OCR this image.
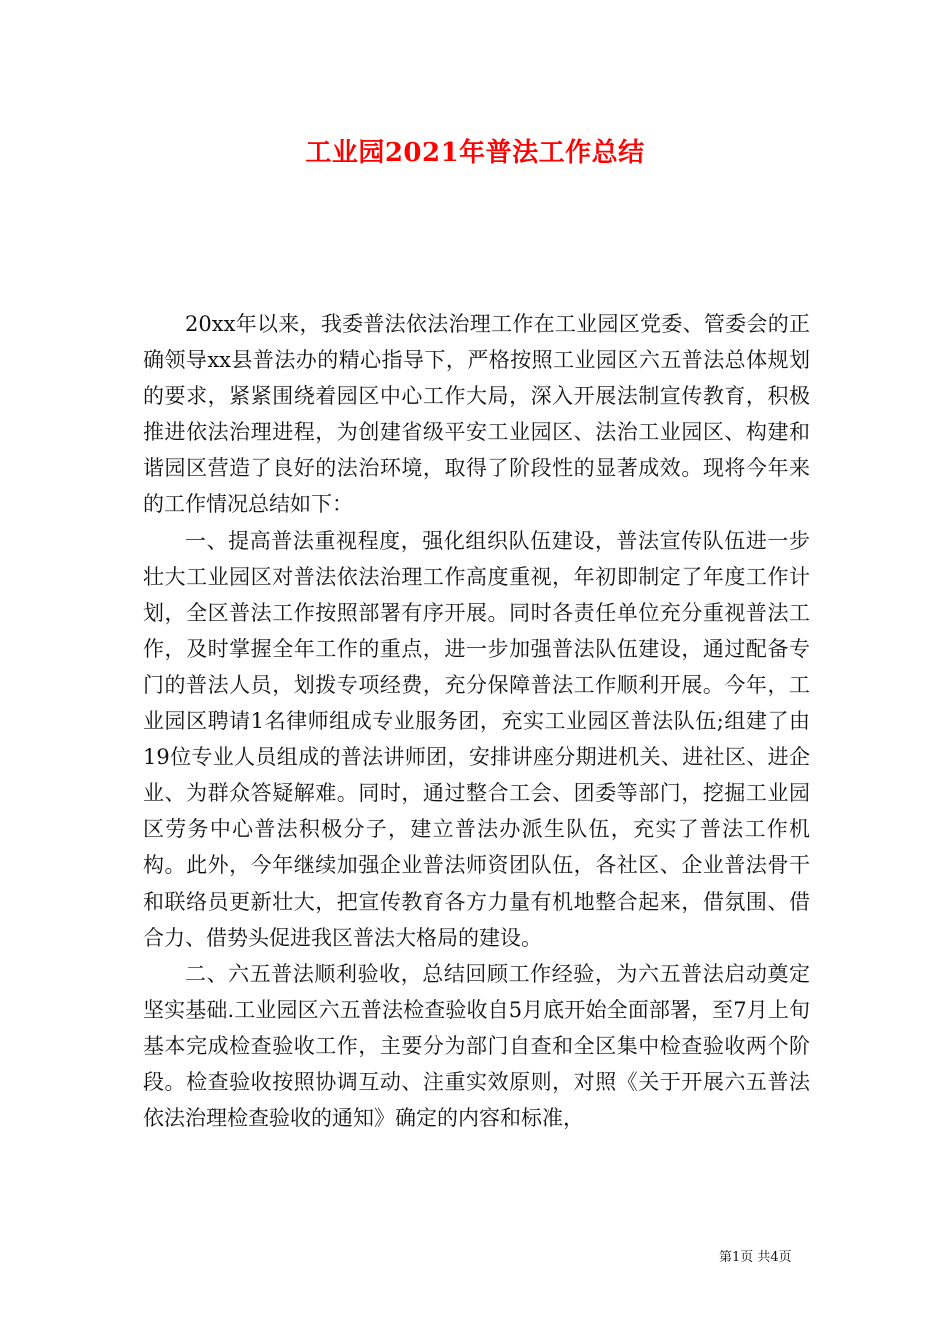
工业园2021年普法工作总结

20xx年以来，我委普法依法治理工作在工业园区党委、管委会的正确领导xx县普法办的精心指导下，严格按照工业园区六五普法总体规划的要求，紧紧围绕着园区中心工作大局，深入开展法制宣传教育，积极推进依法治理进程，为创建省级平安工业园区、法治工业园区、构建和谐园区营造了良好的法治环境，取得了阶段性的显著成效。现将今年来的工作情况总结如下：

一、提高普法重视程度，强化组织队伍建设，普法宣传队伍进一步壮大工业园区对普法依法治理工作高度重视，年初即制定了年度工作计划，全区普法工作按照部署有序开展。同时各责任单位充分重视普法工作，及时掌握全年工作的重点，进一步加强普法队伍建设，通过配备专门的普法人员，划拨专项经费，充分保障普法工作顺利开展。今年，工业园区聘请1名律师组成专业服务团，充实工业园区普法队伍;组建了由19位专业人员组成的普法讲师团，安排讲座分期进机关、进社区、进企业、为群众答疑解难。同时，通过整合工会、团委等部门，挖掘工业园区劳务中心普法积极分子，建立普法办派生队伍，充实了普法工作机构。此外，今年继续加强企业普法师资团队伍，各社区、企业普法骨干和联络员更新壮大，把宣传教育各方力量有机地整合起来，借氛围、借合力、借势头促进我区普法大格局的建设。

二、六五普法顺利验收，总结回顾工作经验，为六五普法启动奠定坚实基础.工业园区六五普法检查验收自5月底开始全面部署，至7月上旬基本完成检查验收工作，主要分为部门自查和全区集中检查验收两个阶段。检查验收按照协调互动、注重实效原则，对照《关于开展六五普法依法治理检查验收的通知》确定的内容和标准，

第1页 共4页
